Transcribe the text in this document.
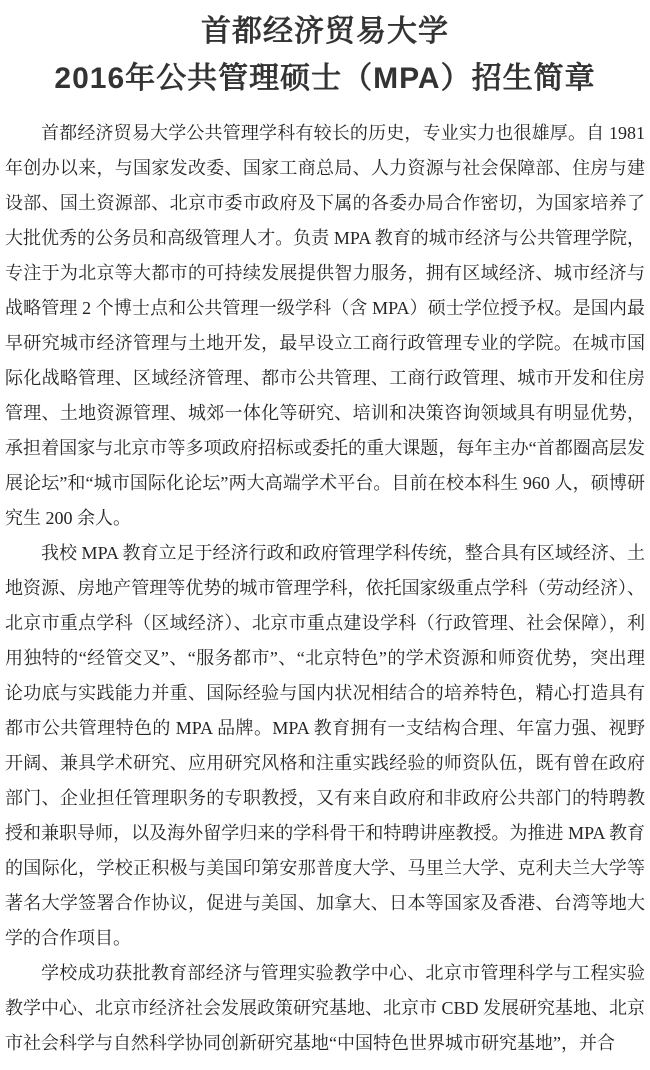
首都经济贸易大学
2016年公共管理硕士（MPA）招生简章

首都经济贸易大学公共管理学科有较长的历史，专业实力也很雄厚。自 1981 年创办以来，与国家发改委、国家工商总局、人力资源与社会保障部、住房与建设部、国土资源部、北京市委市政府及下属的各委办局合作密切，为国家培养了大批优秀的公务员和高级管理人才。负责 MPA 教育的城市经济与公共管理学院，专注于为北京等大都市的可持续发展提供智力服务，拥有区域经济、城市经济与战略管理 2 个博士点和公共管理一级学科（含 MPA）硕士学位授予权。是国内最早研究城市经济管理与土地开发，最早设立工商行政管理专业的学院。在城市国际化战略管理、区域经济管理、都市公共管理、工商行政管理、城市开发和住房管理、土地资源管理、城郊一体化等研究、培训和决策咨询领域具有明显优势，承担着国家与北京市等多项政府招标或委托的重大课题，每年主办“首都圈高层发展论坛”和“城市国际化论坛”两大高端学术平台。目前在校本科生 960 人，硕博研究生 200 余人。

我校 MPA 教育立足于经济行政和政府管理学科传统，整合具有区域经济、土地资源、房地产管理等优势的城市管理学科，依托国家级重点学科（劳动经济）、北京市重点学科（区域经济）、北京市重点建设学科（行政管理、社会保障），利用独特的“经管交叉”、“服务都市”、“北京特色”的学术资源和师资优势，突出理论功底与实践能力并重、国际经验与国内状况相结合的培养特色，精心打造具有都市公共管理特色的 MPA 品牌。MPA 教育拥有一支结构合理、年富力强、视野开阔、兼具学术研究、应用研究风格和注重实践经验的师资队伍，既有曾在政府部门、企业担任管理职务的专职教授，又有来自政府和非政府公共部门的特聘教授和兼职导师，以及海外留学归来的学科骨干和特聘讲座教授。为推进 MPA 教育的国际化，学校正积极与美国印第安那普度大学、马里兰大学、克利夫兰大学等著名大学签署合作协议，促进与美国、加拿大、日本等国家及香港、台湾等地大学的合作项目。

学校成功获批教育部经济与管理实验教学中心、北京市管理科学与工程实验教学中心、北京市经济社会发展政策研究基地、北京市 CBD 发展研究基地、北京市社会科学与自然科学协同创新研究基地“中国特色世界城市研究基地”，并合
